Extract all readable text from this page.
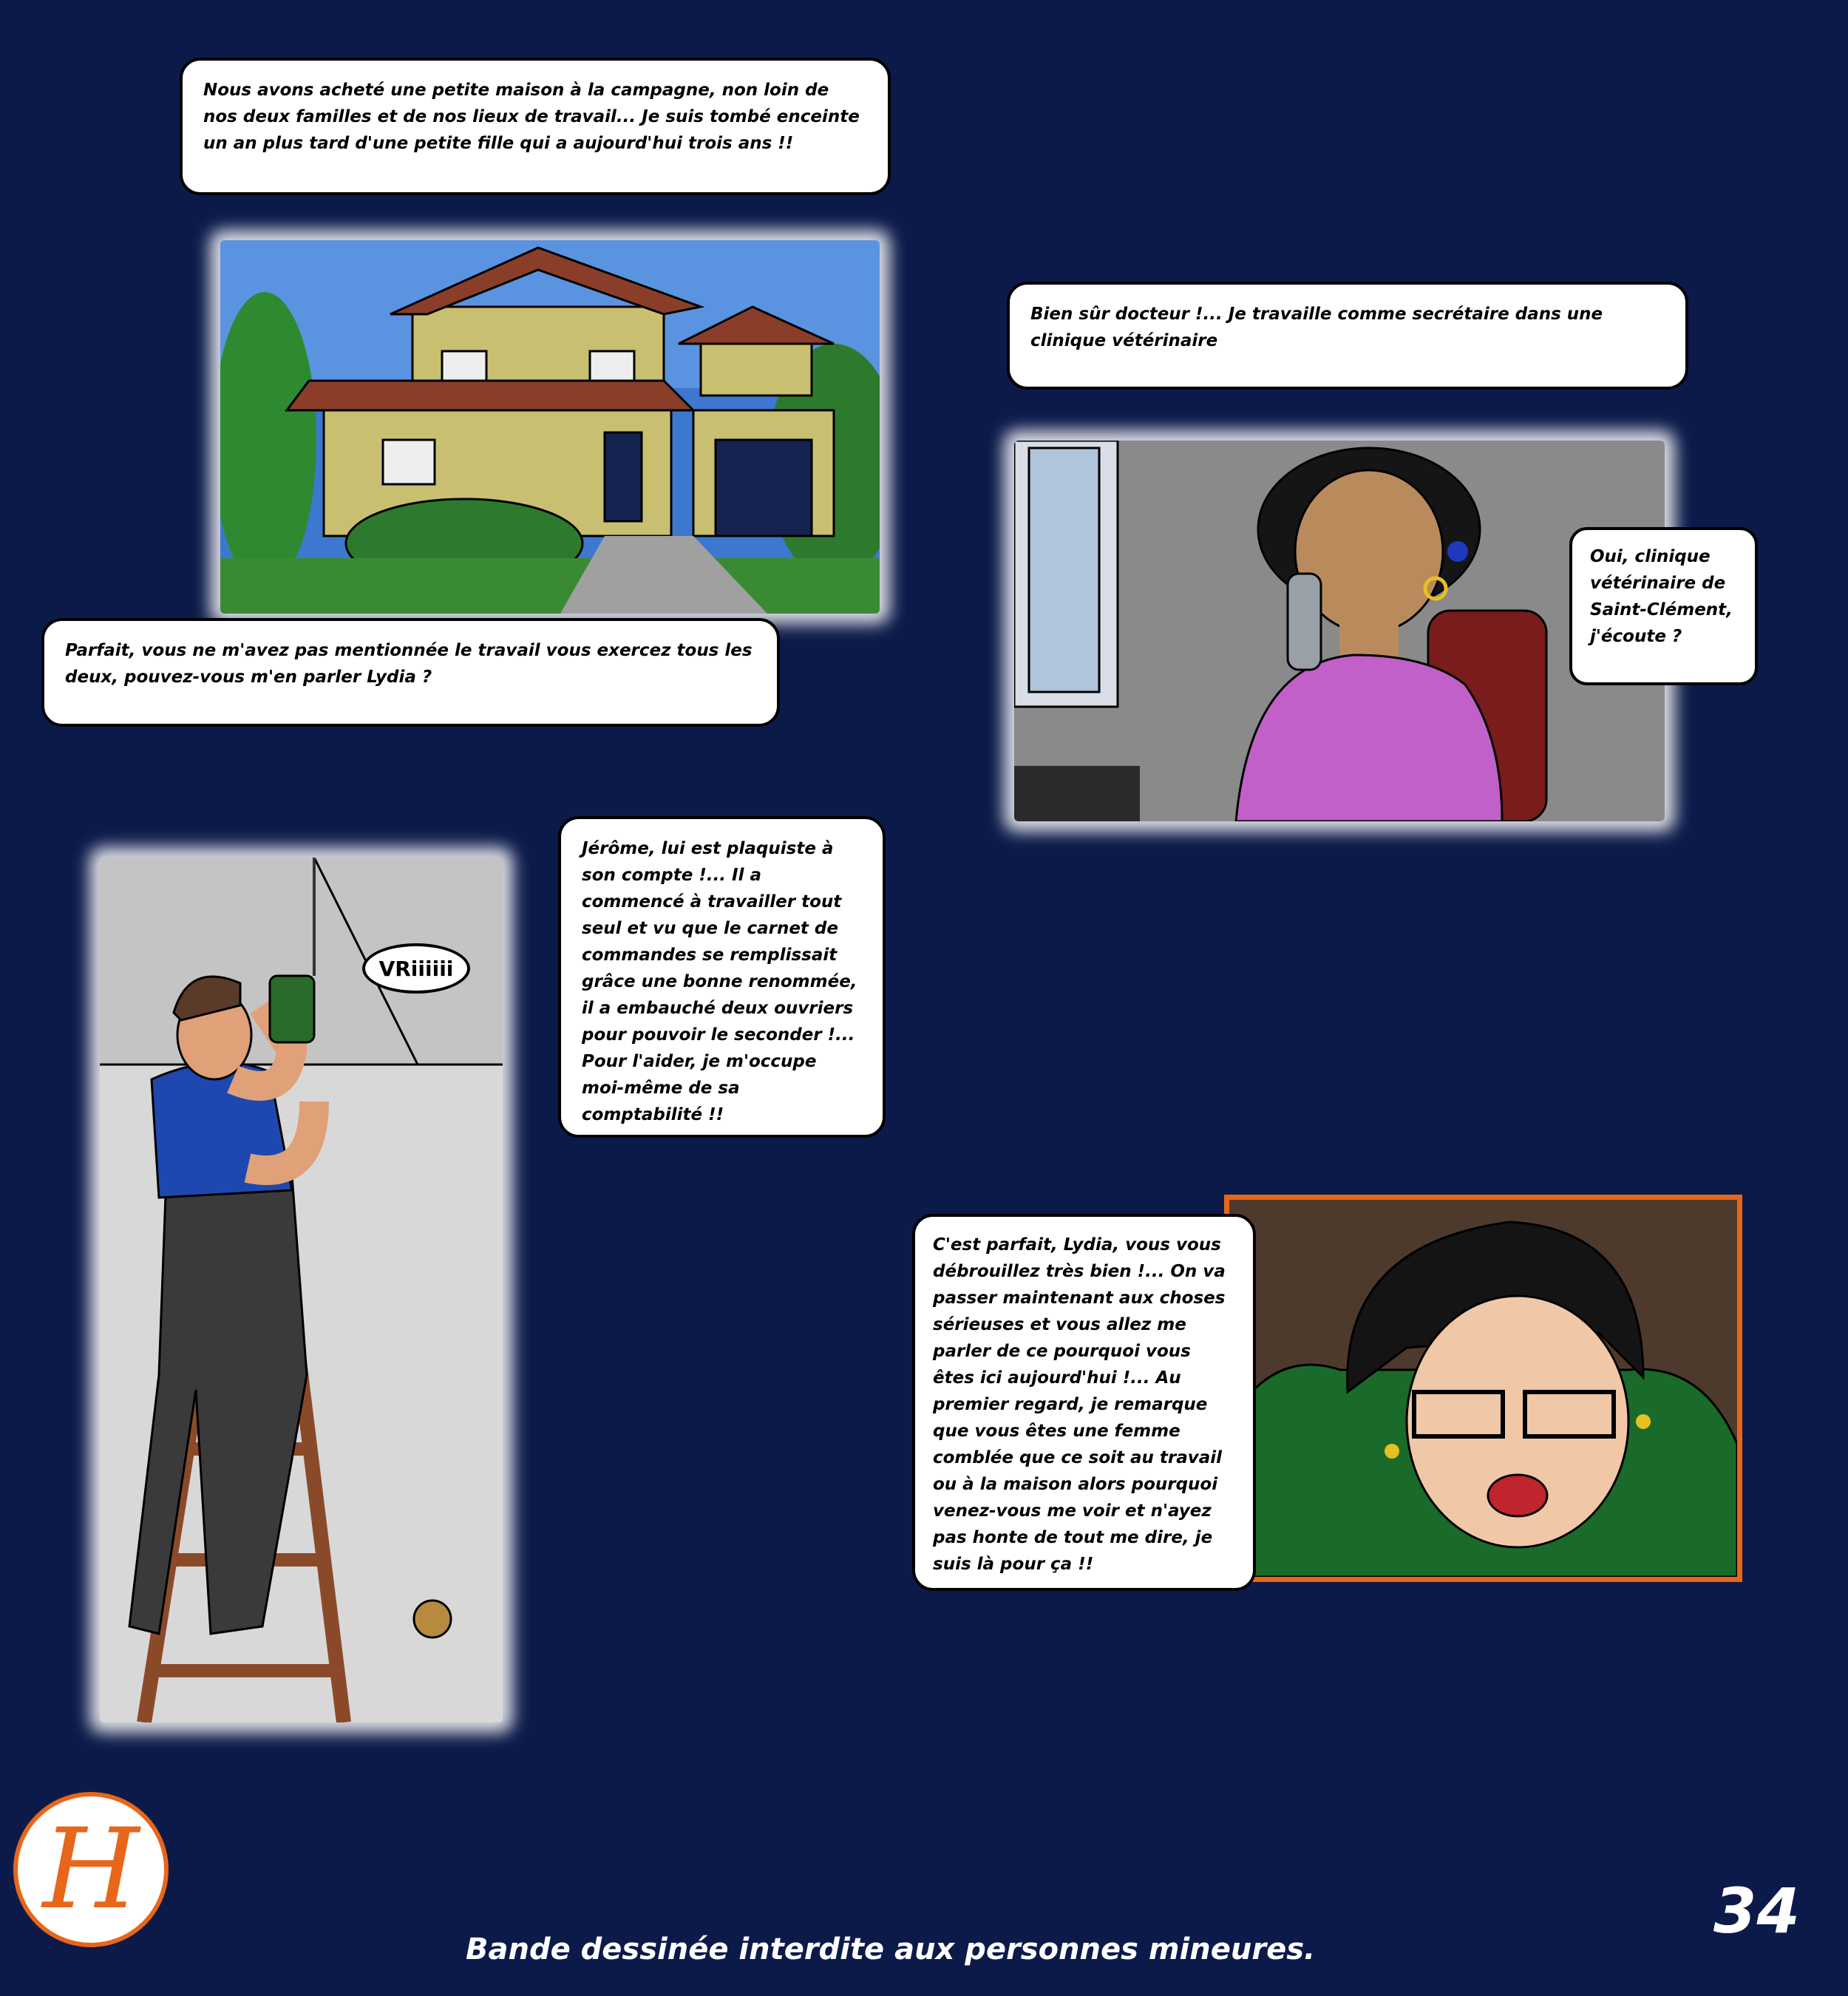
Nous avons acheté une petite maison à la campagne, non loin de nos deux familles et de nos lieux de travail... Je suis tombé enceinte un an plus tard d'une petite fille qui a aujourd'hui trois ans !!
Bien sûr docteur !... Je travaille comme secrétaire dans une clinique vétérinaire
Oui, clinique vétérinaire de Saint-Clément, j'écoute ?
Parfait, vous ne m'avez pas mentionnée le travail vous exercez tous les deux, pouvez-vous m'en parler Lydia ?
VRiiiiii
Jérôme, lui est plaquiste à son compte !... Il a commencé à travailler tout seul et vu que le carnet de commandes se remplissait grâce une bonne renommée, il a embauché deux ouvriers pour pouvoir le seconder !... Pour l'aider, je m'occupe moi-même de sa comptabilité !!
C'est parfait, Lydia, vous vous débrouillez très bien !... On va passer maintenant aux choses sérieuses et vous allez me parler de ce pourquoi vous êtes ici aujourd'hui !... Au premier regard, je remarque que vous êtes une femme comblée que ce soit au travail ou à la maison alors pourquoi venez-vous me voir et n'ayez pas honte de tout me dire, je suis là pour ça !!
H	34
Bande dessinée interdite aux personnes mineures.
